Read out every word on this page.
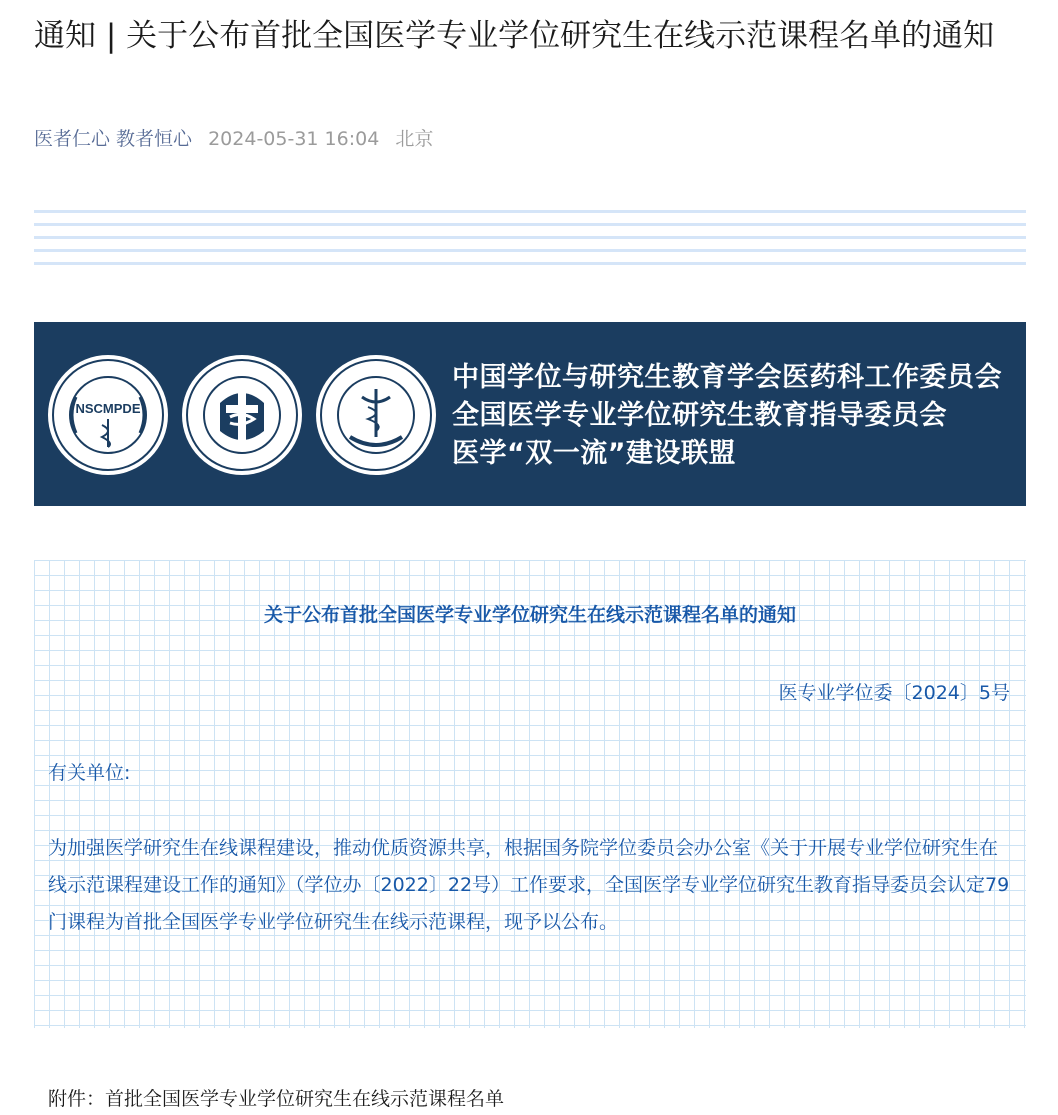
通知 | 关于公布首批全国医学专业学位研究生在线示范课程名单的通知
医者仁心 教者恒心 2024-05-31 16:04 北京
NSCMPDE
中国学位与研究生教育学会医药科工作委员会
全国医学专业学位研究生教育指导委员会
医学“双一流”建设联盟
关于公布首批全国医学专业学位研究生在线示范课程名单的通知
医专业学位委〔2024〕5号
有关单位:

为加强医学研究生在线课程建设，推动优质资源共享，根据国务院学位委员会办公室《关于开展专业学位研究生在线示范课程建设工作的通知》（学位办〔2022〕22号）工作要求，全国医学专业学位研究生教育指导委员会认定79门课程为首批全国医学专业学位研究生在线示范课程，现予以公布。

附件：首批全国医学专业学位研究生在线示范课程名单
